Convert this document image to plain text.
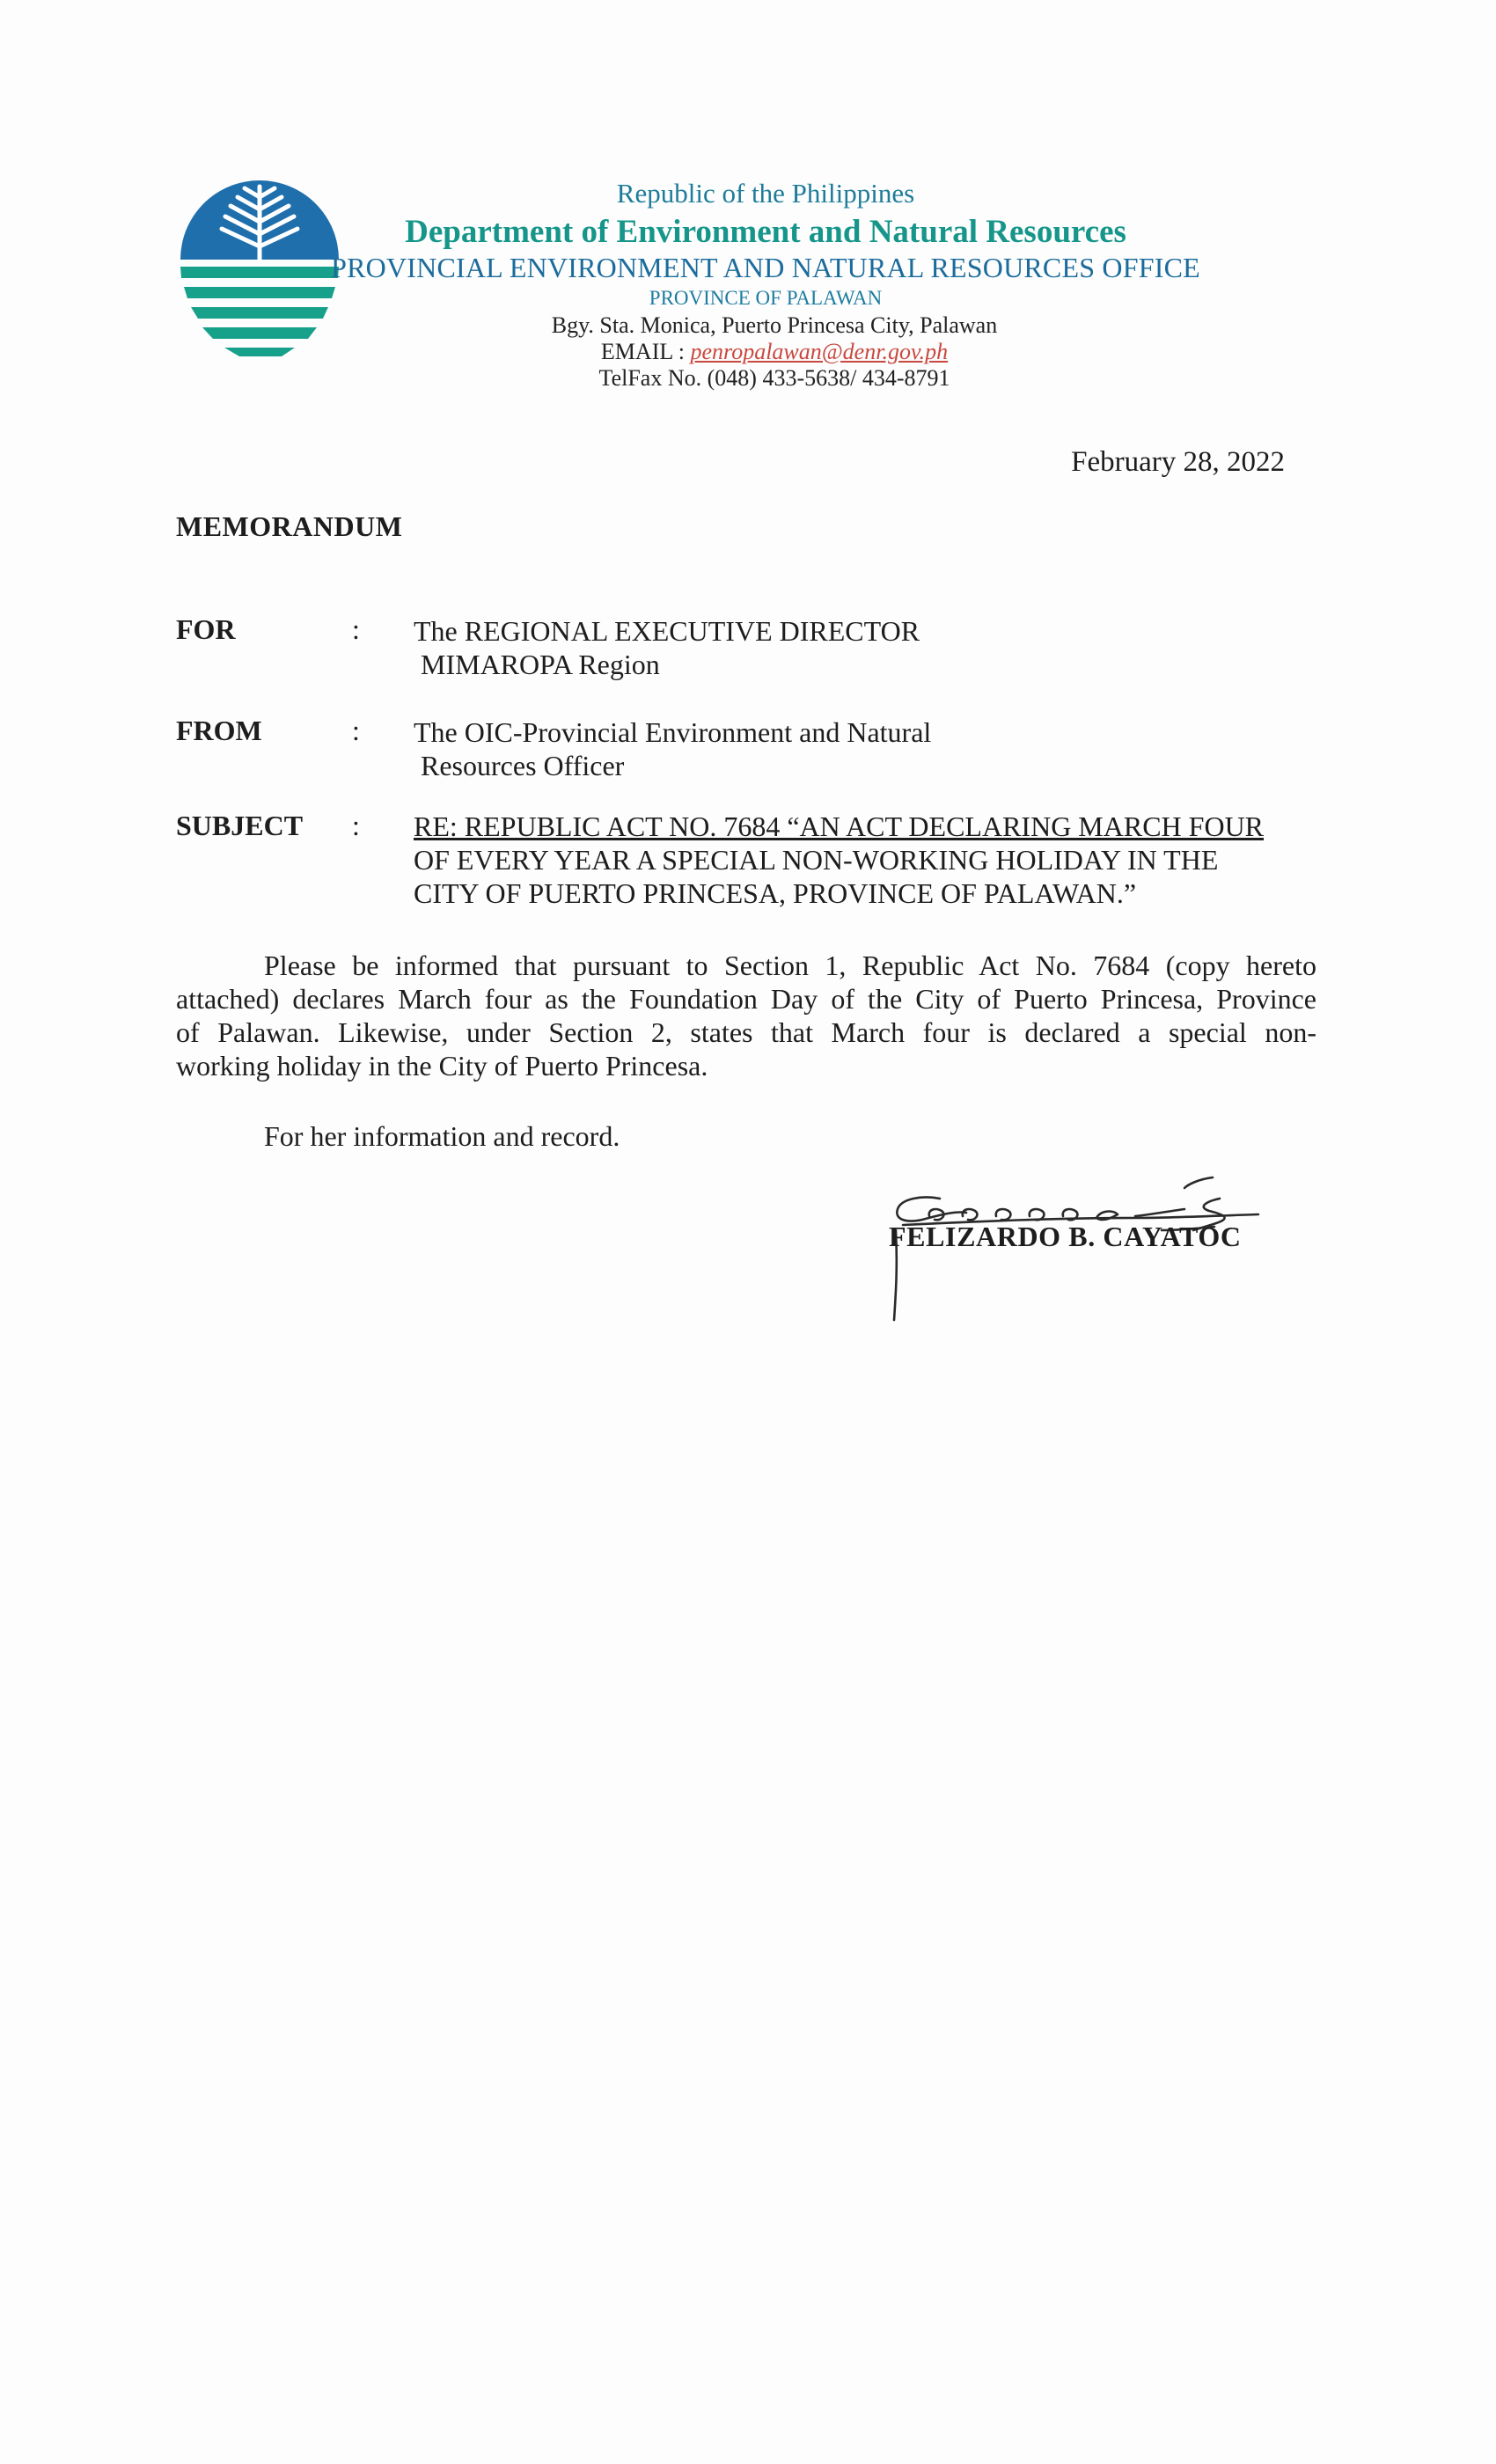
Republic of the Philippines
Department of Environment and Natural Resources
PROVINCIAL ENVIRONMENT AND NATURAL RESOURCES OFFICE
PROVINCE OF PALAWAN
Bgy. Sta. Monica, Puerto Princesa City, Palawan
EMAIL : penropalawan@denr.gov.ph
TelFax No. (048) 433-5638/ 434-8791
February 28, 2022
MEMORANDUM
FOR	: The REGIONAL EXECUTIVE DIRECTOR
MIMAROPA Region
FROM	: The OIC-Provincial Environment and Natural
Resources Officer
SUBJECT : RE: REPUBLIC ACT NO. 7684 “AN ACT DECLARING MARCH FOUR
OF EVERY YEAR A SPECIAL NON-WORKING HOLIDAY IN THE
CITY OF PUERTO PRINCESA, PROVINCE OF PALAWAN.”
Please be informed that pursuant to Section 1, Republic Act No. 7684 (copy hereto
attached) declares March four as the Foundation Day of the City of Puerto Princesa, Province
of Palawan. Likewise, under Section 2, states that March four is declared a special non-
working holiday in the City of Puerto Princesa.
For her information and record.
FELIZARDO B. CAYATOC
